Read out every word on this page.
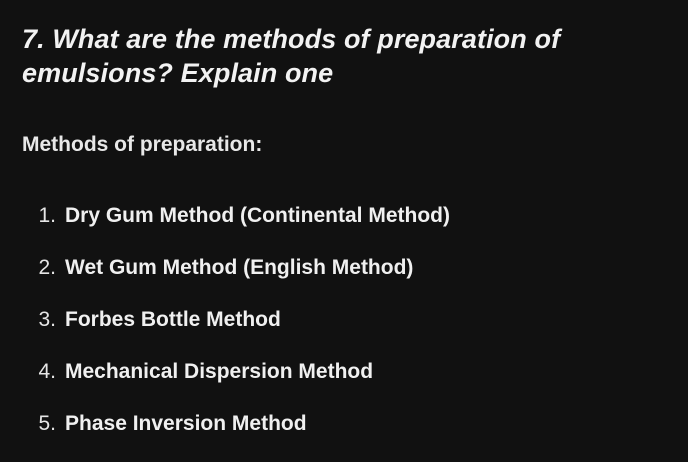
7. What are the methods of preparation of emulsions? Explain one
Methods of preparation:
1. Dry Gum Method (Continental Method)
2. Wet Gum Method (English Method)
3. Forbes Bottle Method
4. Mechanical Dispersion Method
5. Phase Inversion Method
